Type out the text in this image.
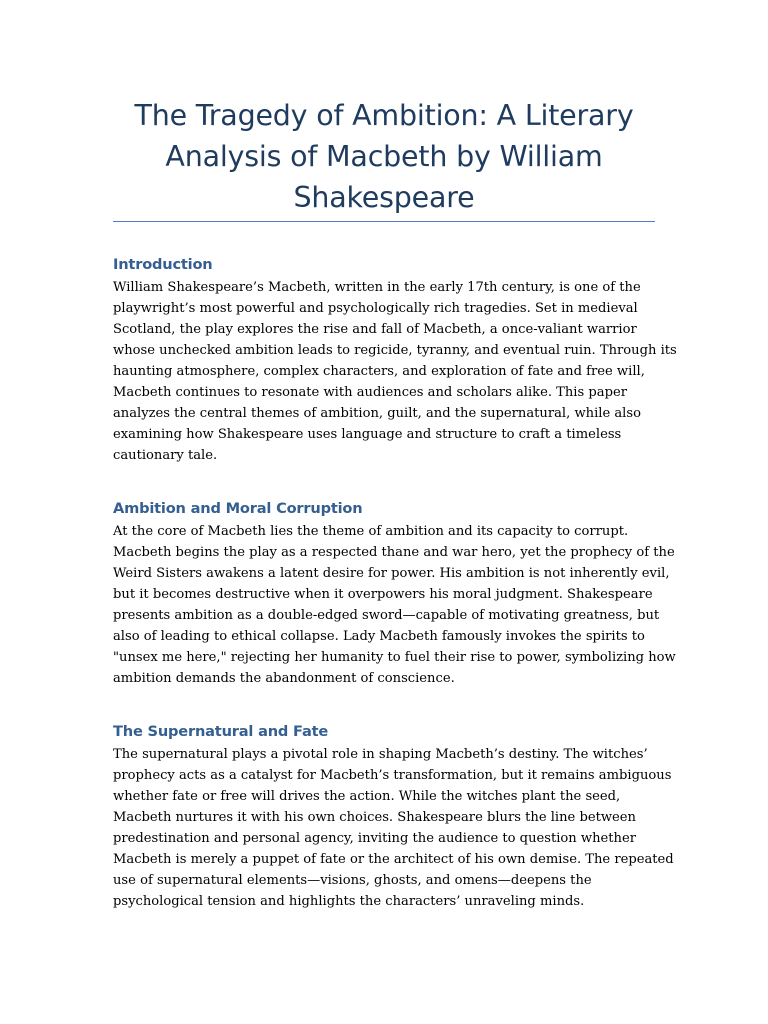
The Tragedy of Ambition: A Literary Analysis of Macbeth by William Shakespeare
Introduction

William Shakespeare’s Macbeth, written in the early 17th century, is one of the
playwright’s most powerful and psychologically rich tragedies. Set in medieval
Scotland, the play explores the rise and fall of Macbeth, a once-valiant warrior
whose unchecked ambition leads to regicide, tyranny, and eventual ruin. Through its
haunting atmosphere, complex characters, and exploration of fate and free will,
Macbeth continues to resonate with audiences and scholars alike. This paper
analyzes the central themes of ambition, guilt, and the supernatural, while also
examining how Shakespeare uses language and structure to craft a timeless
cautionary tale.

Ambition and Moral Corruption

At the core of Macbeth lies the theme of ambition and its capacity to corrupt.
Macbeth begins the play as a respected thane and war hero, yet the prophecy of the
Weird Sisters awakens a latent desire for power. His ambition is not inherently evil,
but it becomes destructive when it overpowers his moral judgment. Shakespeare
presents ambition as a double-edged sword—capable of motivating greatness, but
also of leading to ethical collapse. Lady Macbeth famously invokes the spirits to
"unsex me here," rejecting her humanity to fuel their rise to power, symbolizing how
ambition demands the abandonment of conscience.

The Supernatural and Fate

The supernatural plays a pivotal role in shaping Macbeth’s destiny. The witches’
prophecy acts as a catalyst for Macbeth’s transformation, but it remains ambiguous
whether fate or free will drives the action. While the witches plant the seed,
Macbeth nurtures it with his own choices. Shakespeare blurs the line between
predestination and personal agency, inviting the audience to question whether
Macbeth is merely a puppet of fate or the architect of his own demise. The repeated
use of supernatural elements—visions, ghosts, and omens—deepens the
psychological tension and highlights the characters’ unraveling minds.
